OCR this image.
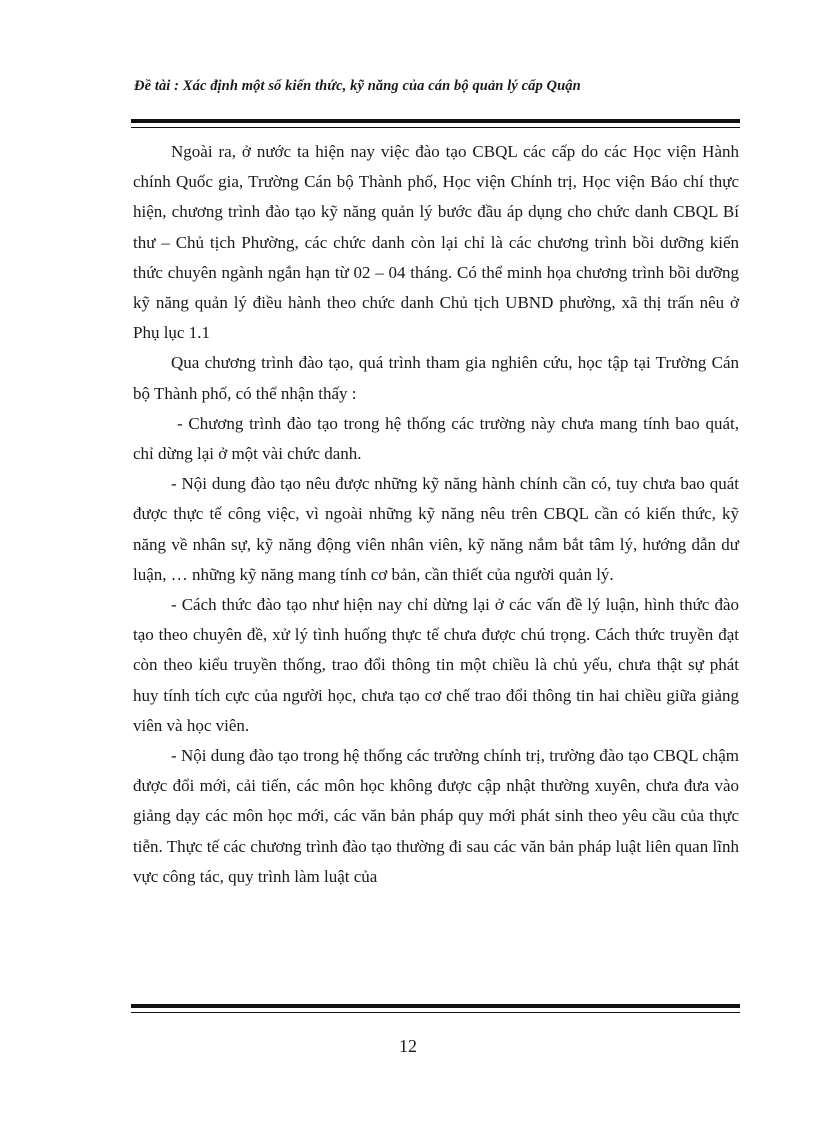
Đề tài : Xác định một số kiến thức, kỹ năng của cán bộ quản lý cấp Quận

Ngoài ra, ở nước ta hiện nay việc đào tạo CBQL các cấp do các Học viện Hành chính Quốc gia, Trường Cán bộ Thành phố, Học viện Chính trị, Học viện Báo chí thực hiện, chương trình đào tạo kỹ năng quản lý bước đầu áp dụng cho chức danh CBQL Bí thư – Chủ tịch Phường, các chức danh còn lại chỉ là các chương trình bồi dưỡng kiến thức chuyên ngành ngắn hạn từ 02 – 04 tháng. Có thể minh họa chương trình bồi dưỡng kỹ năng quản lý điều hành theo chức danh Chủ tịch UBND phường, xã thị trấn nêu ở Phụ lục 1.1

Qua chương trình đào tạo, quá trình tham gia nghiên cứu, học tập tại Trường Cán bộ Thành phố, có thể nhận thấy :

- Chương trình đào tạo trong hệ thống các trường này chưa mang tính bao quát, chỉ dừng lại ở một vài chức danh.

- Nội dung đào tạo nêu được những kỹ năng hành chính cần có, tuy chưa bao quát được thực tế công việc, vì ngoài những kỹ năng nêu trên CBQL cần có kiến thức, kỹ năng về nhân sự, kỹ năng động viên nhân viên, kỹ năng nắm bắt tâm lý, hướng dẫn dư luận, … những kỹ năng mang tính cơ bản, cần thiết của người quản lý.

- Cách thức đào tạo như hiện nay chỉ dừng lại ở các vấn đề lý luận, hình thức đào tạo theo chuyên đề, xử lý tình huống thực tế chưa được chú trọng. Cách thức truyền đạt còn theo kiểu truyền thống, trao đổi thông tin một chiều là chủ yếu, chưa thật sự phát huy tính tích cực của người học, chưa tạo cơ chế trao đổi thông tin hai chiều giữa giảng viên và học viên.

- Nội dung đào tạo trong hệ thống các trường chính trị, trường đào tạo CBQL chậm được đổi mới, cải tiến, các môn học không được cập nhật thường xuyên, chưa đưa vào giảng dạy các môn học mới, các văn bản pháp quy mới phát sinh theo yêu cầu của thực tiễn. Thực tế các chương trình đào tạo thường đi sau các văn bản pháp luật liên quan lĩnh vực công tác, quy trình làm luật của

12
